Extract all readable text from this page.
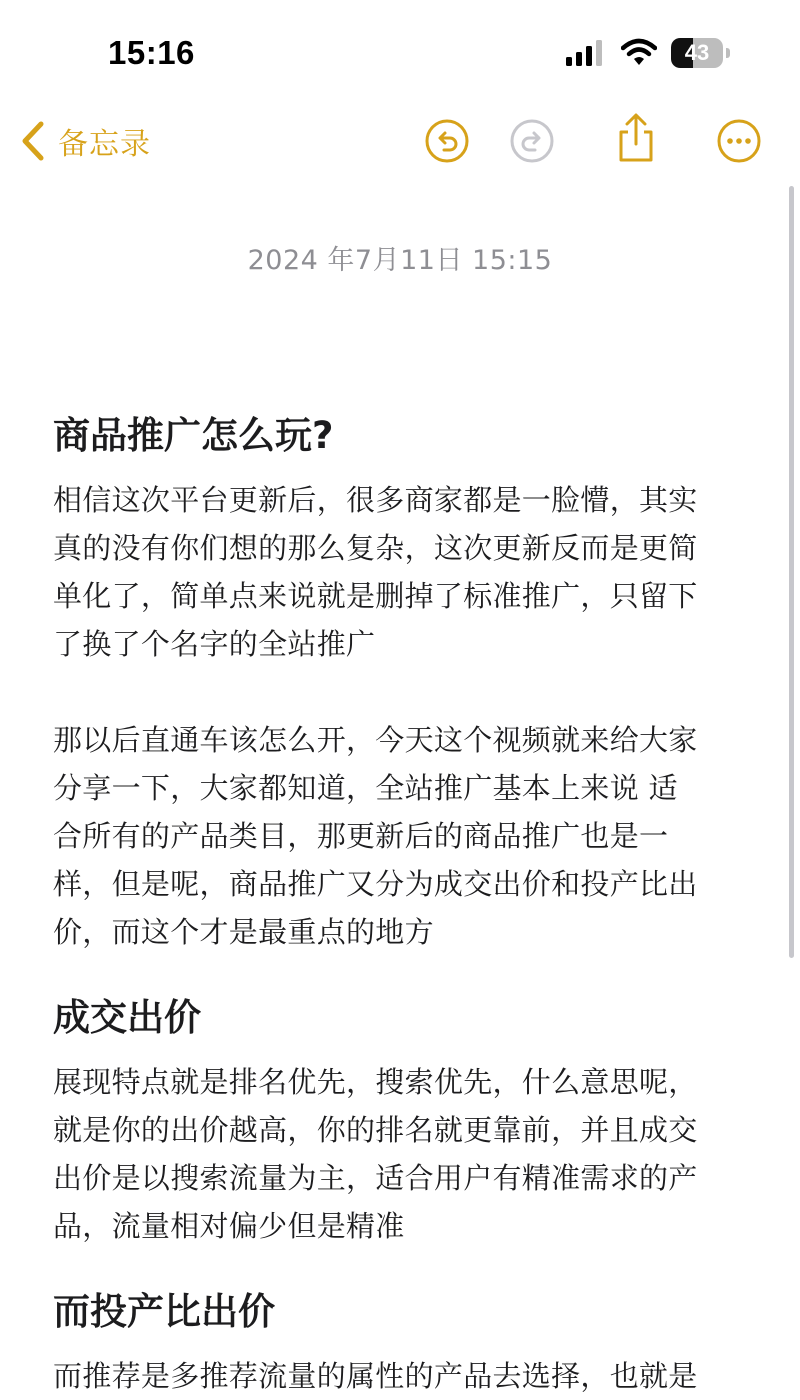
15:16	43
备忘录
2024 年7月11日 15:15
商品推广怎么玩?
相信这次平台更新后，很多商家都是一脸懵，其实
真的没有你们想的那么复杂，这次更新反而是更简
单化了，简单点来说就是删掉了标准推广，只留下
了换了个名字的全站推广
那以后直通车该怎么开，今天这个视频就来给大家
分享一下，大家都知道，全站推广基本上来说 适
合所有的产品类目，那更新后的商品推广也是一
样，但是呢，商品推广又分为成交出价和投产比出
价，而这个才是最重点的地方
成交出价
展现特点就是排名优先，搜索优先，什么意思呢，
就是你的出价越高，你的排名就更靠前，并且成交
出价是以搜索流量为主，适合用户有精准需求的产
品，流量相对偏少但是精准
而投产比出价
而推荐是多推荐流量的属性的产品去选择，也就是
